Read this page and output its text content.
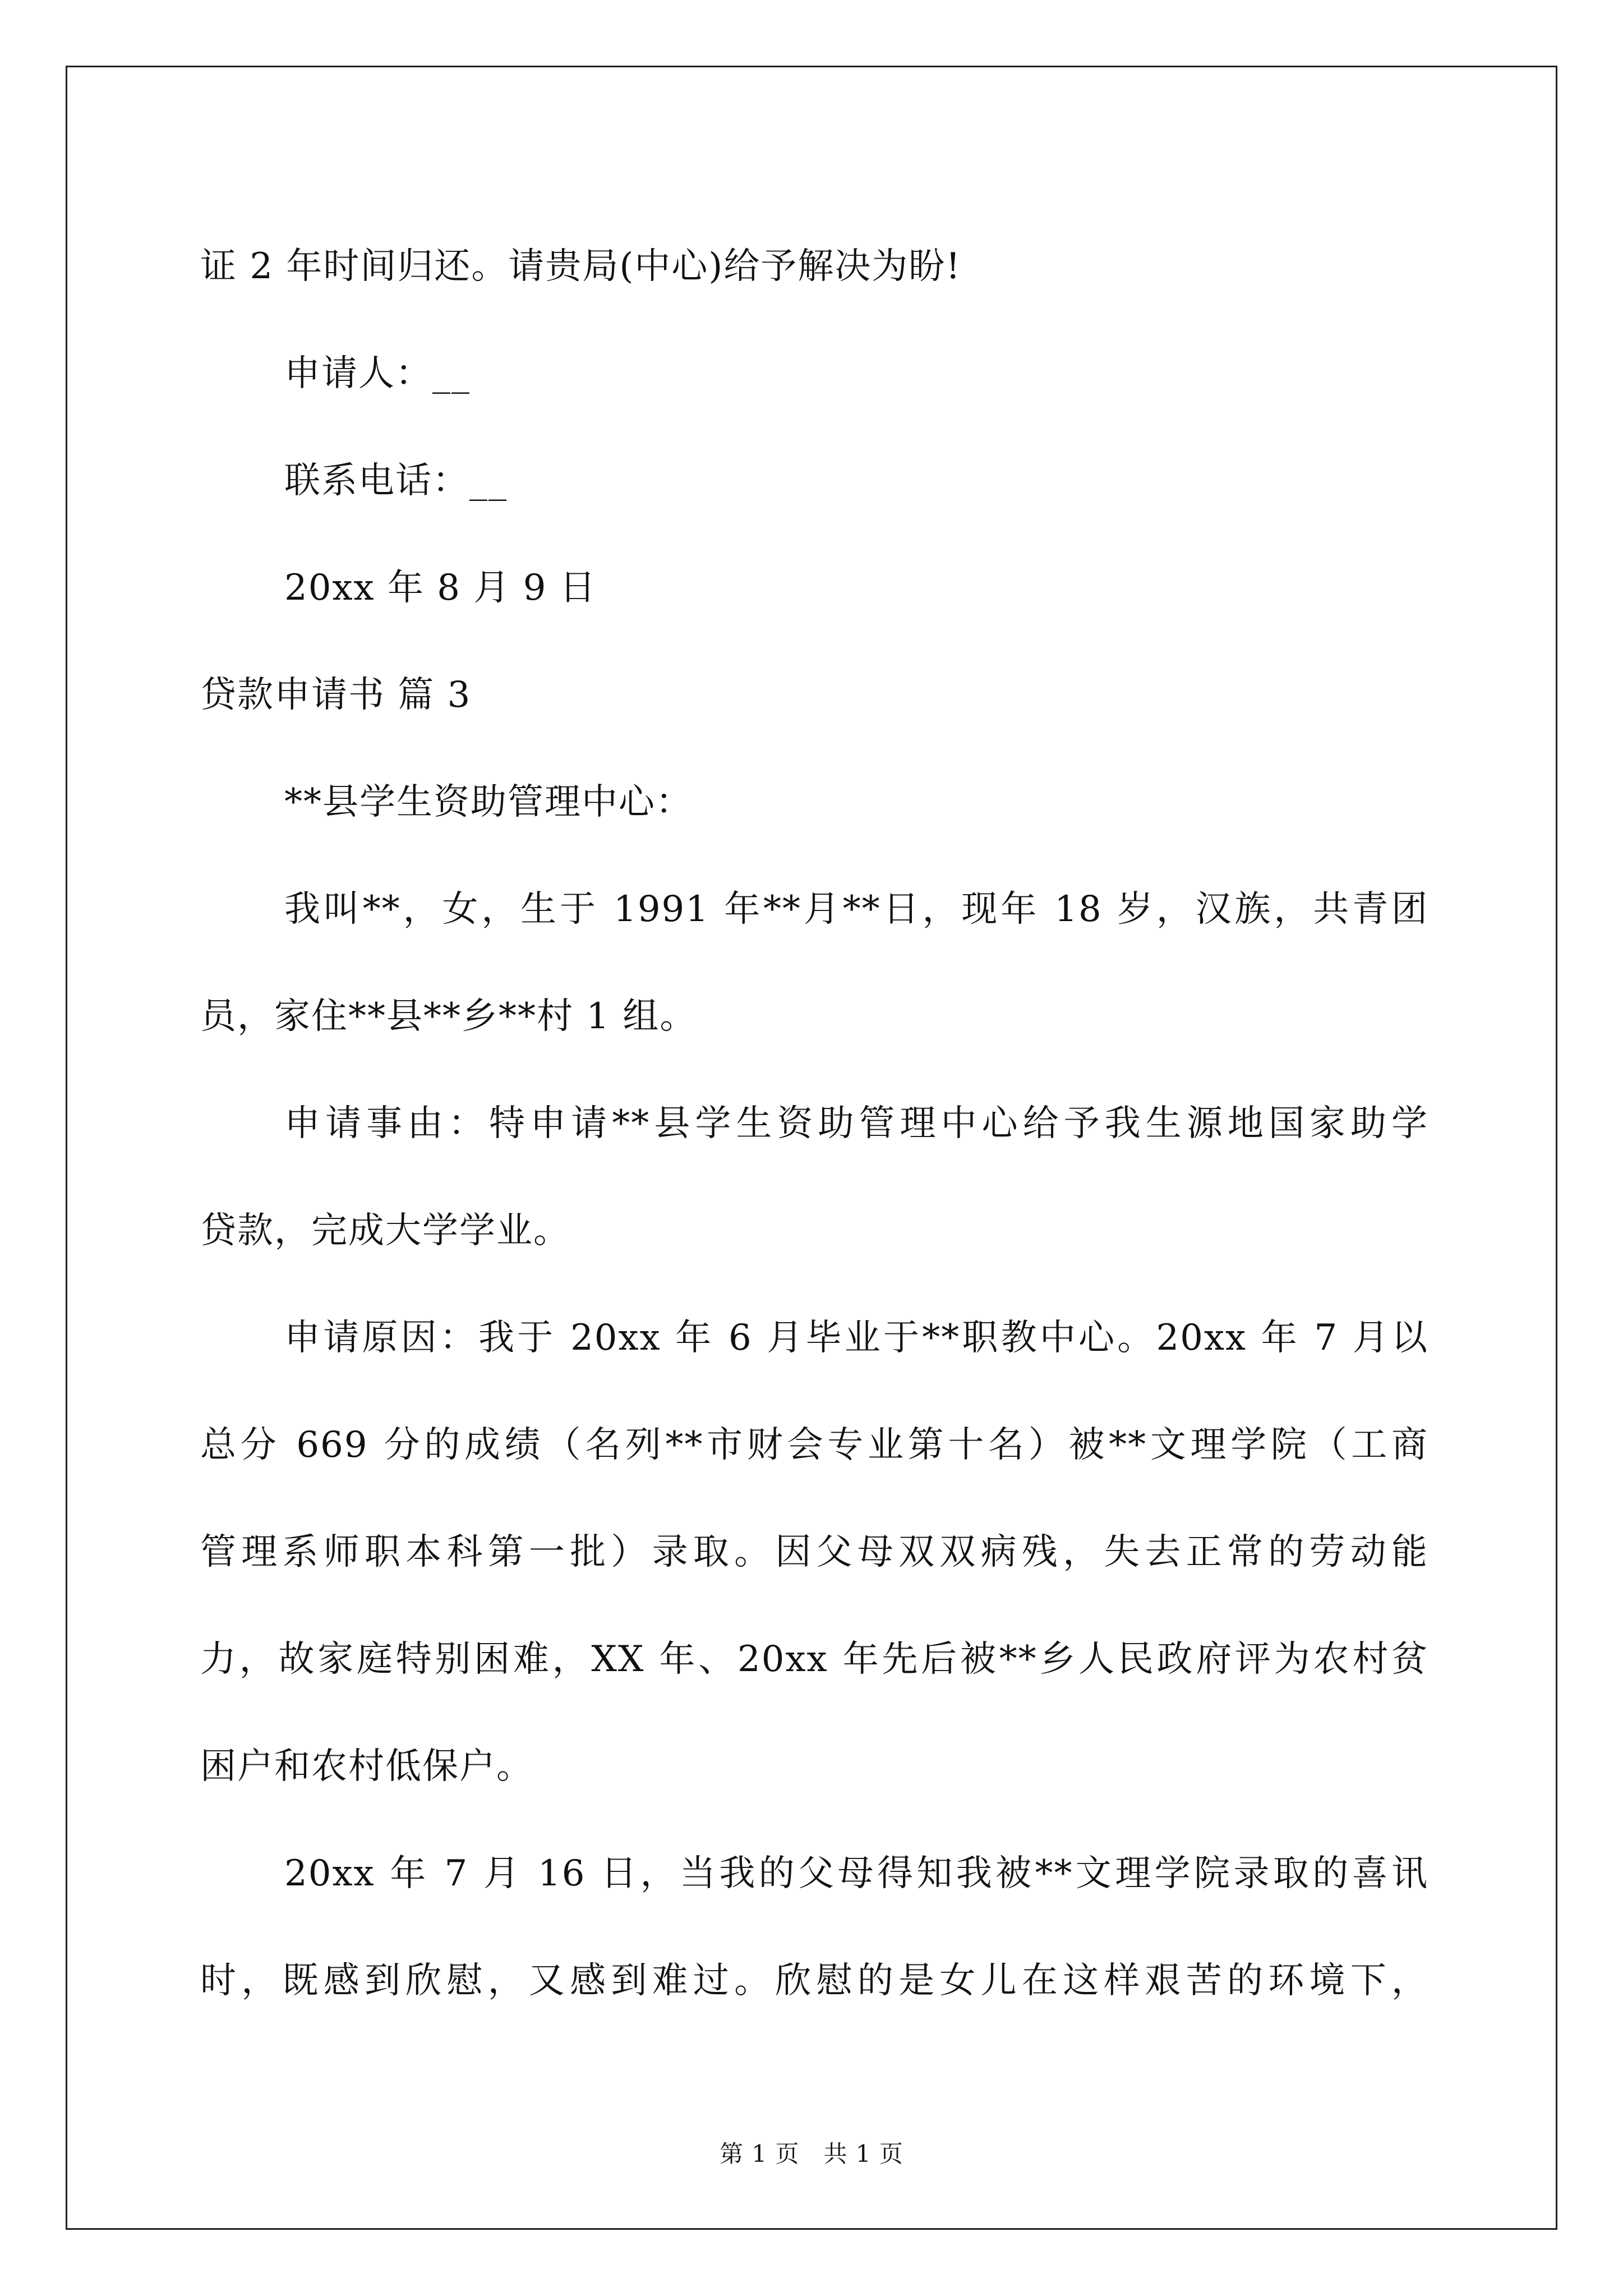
证 2 年时间归还。请贵局(中心)给予解决为盼!
申请人：__
联系电话：__
20xx 年 8 月 9 日
贷款申请书 篇 3
**县学生资助管理中心：
我叫**，女，生于 1991 年**月**日，现年 18 岁，汉族，共青团
员，家住**县**乡**村 1 组。
申请事由：特申请**县学生资助管理中心给予我生源地国家助学
贷款，完成大学学业。
申请原因：我于 20xx 年 6 月毕业于**职教中心。20xx 年 7 月以
总分 669 分的成绩（名列**市财会专业第十名）被**文理学院（工商
管理系师职本科第一批）录取。因父母双双病残，失去正常的劳动能
力，故家庭特别困难，XX 年、20xx 年先后被**乡人民政府评为农村贫
困户和农村低保户。
20xx 年 7 月 16 日，当我的父母得知我被**文理学院录取的喜讯
时，既感到欣慰，又感到难过。欣慰的是女儿在这样艰苦的环境下，
第 1 页　共 1 页
